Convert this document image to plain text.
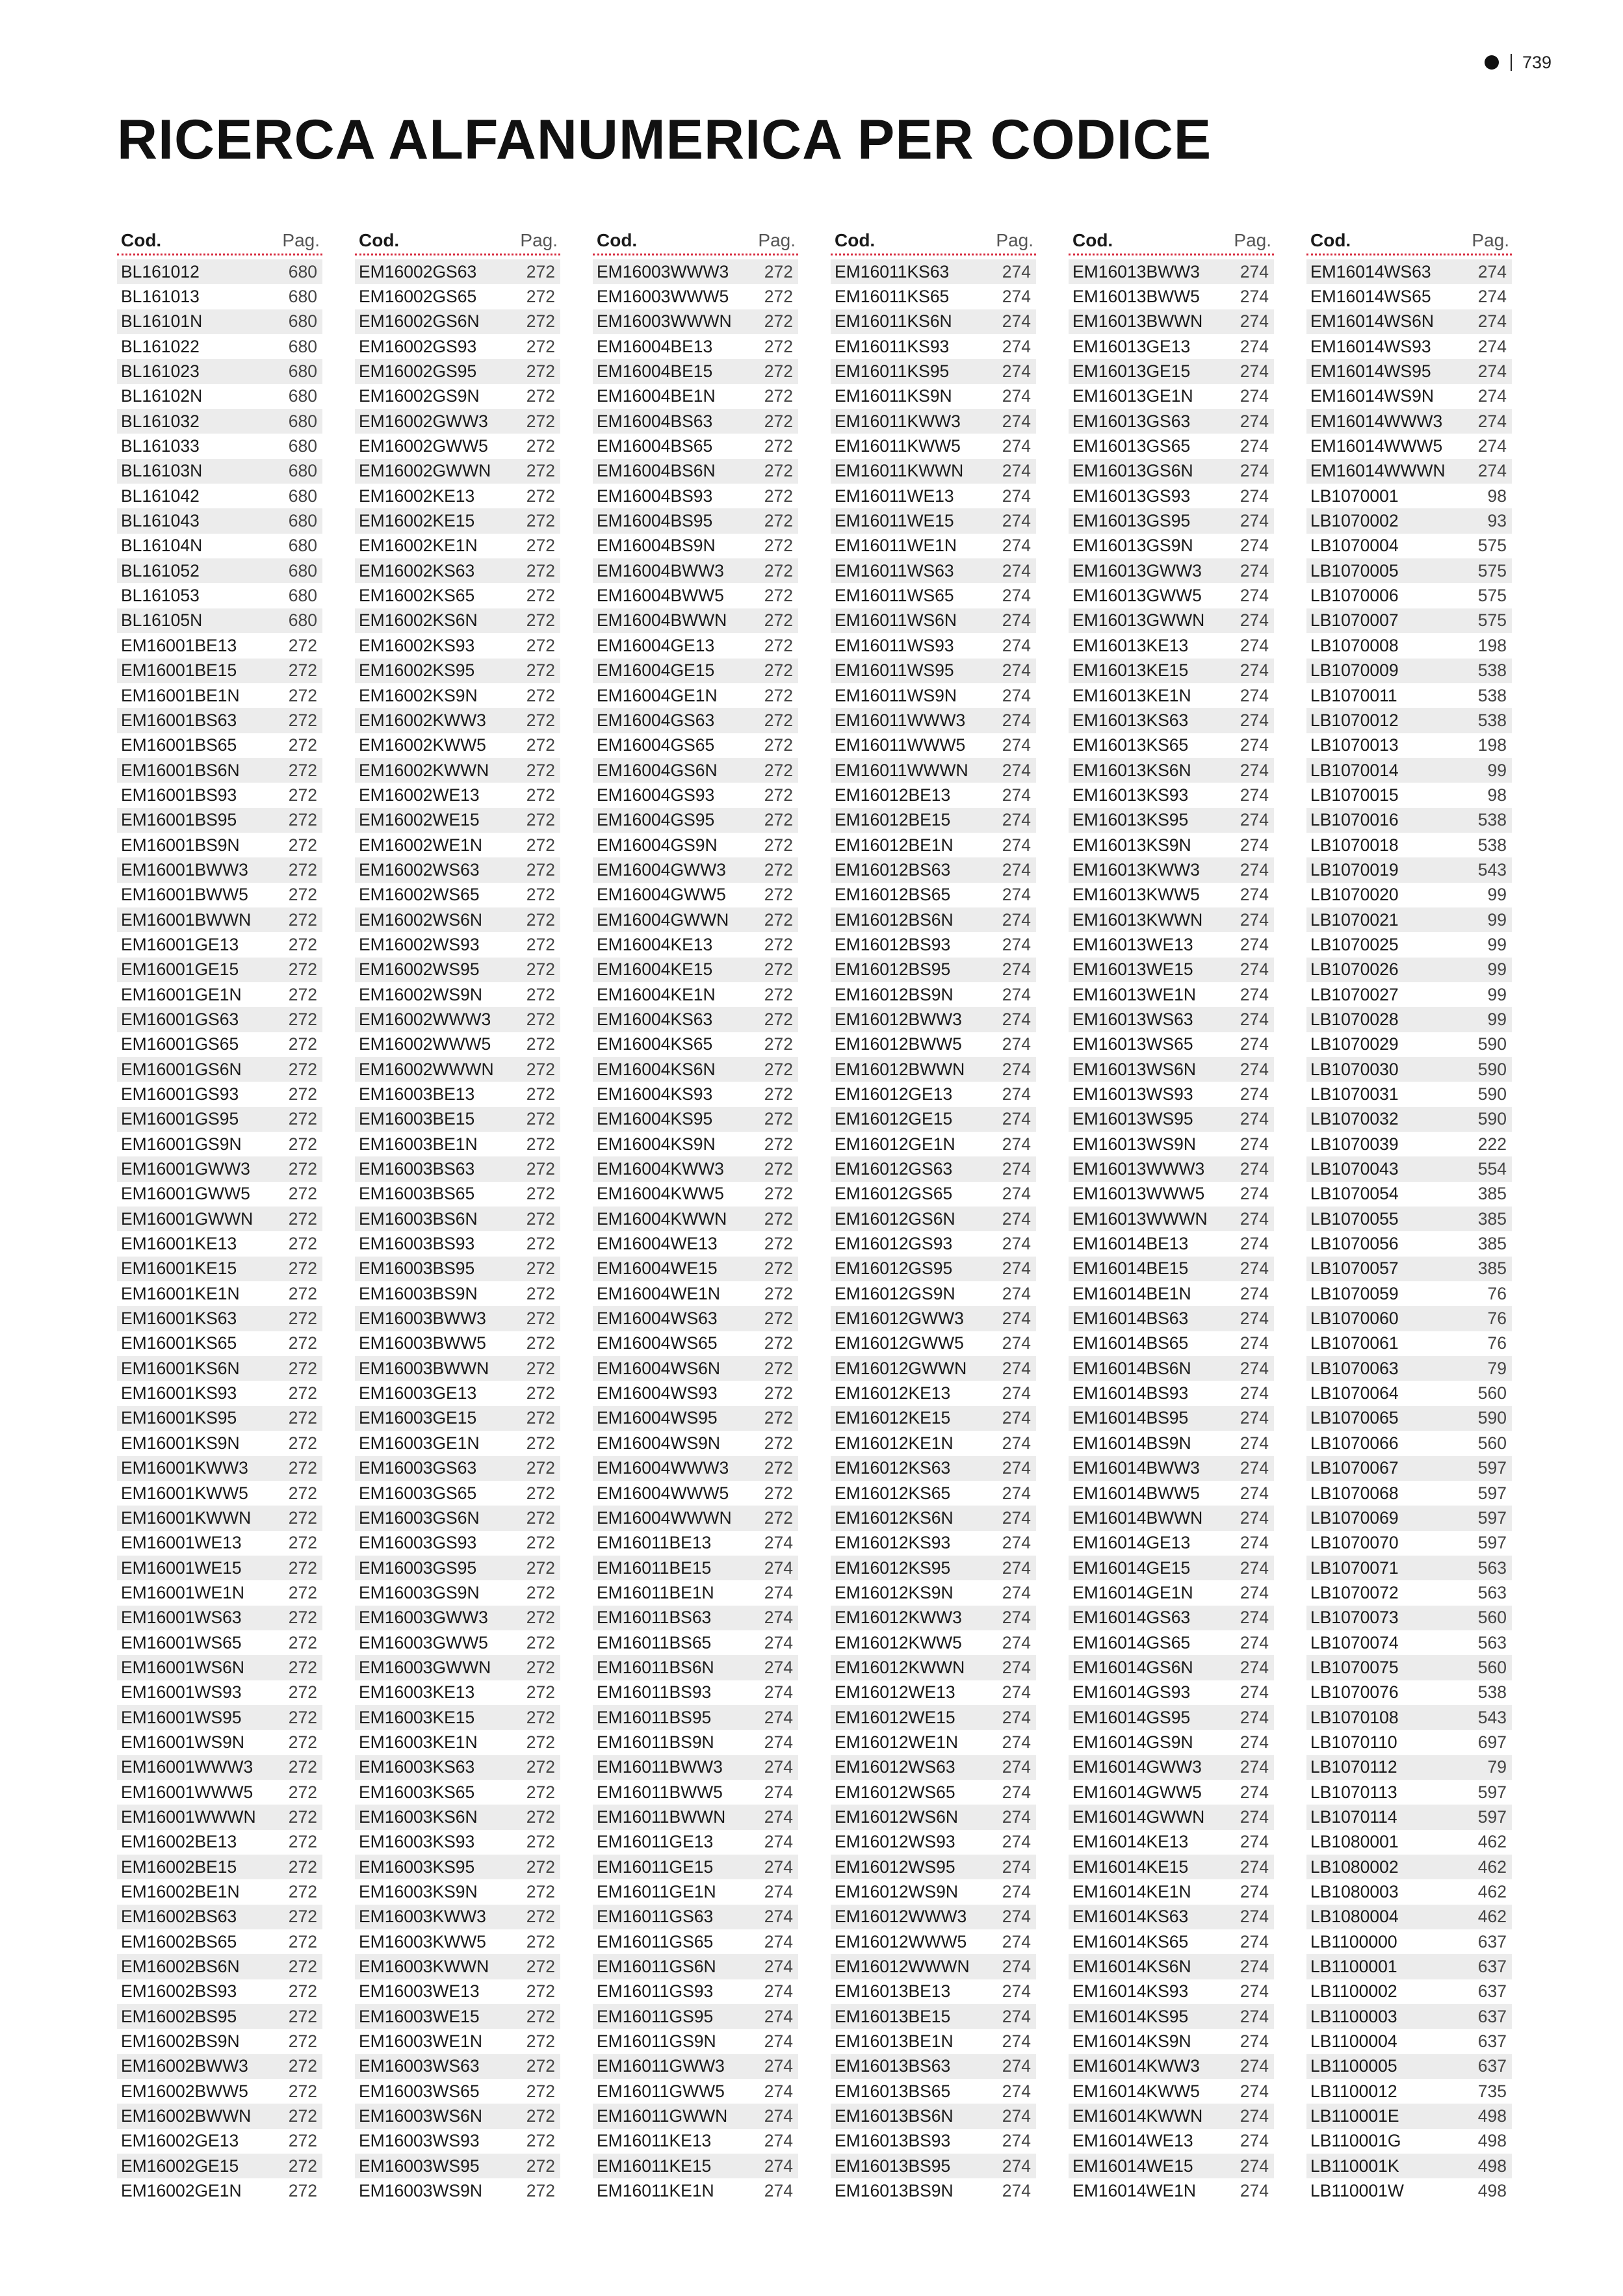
739
RICERCA ALFANUMERICA PER CODICE
Cod.	Pag.
BL161012	680
BL161013	680
BL16101N	680
BL161022	680
BL161023	680
BL16102N	680
BL161032	680
BL161033	680
BL16103N	680
BL161042	680
BL161043	680
BL16104N	680
BL161052	680
BL161053	680
BL16105N	680
EM16001BE13	272
EM16001BE15	272
EM16001BE1N	272
EM16001BS63	272
EM16001BS65	272
EM16001BS6N	272
EM16001BS93	272
EM16001BS95	272
EM16001BS9N	272
EM16001BWW3 272
EM16001BWW5 272
EM16001BWWN 272
EM16001GE13	272
EM16001GE15	272
EM16001GE1N	272
EM16001GS63	272
EM16001GS65	272
EM16001GS6N	272
EM16001GS93	272
EM16001GS95	272
EM16001GS9N	272
EM16001GWW3 272
EM16001GWW5 272
EM16001GWWN 272
EM16001KE13	272
EM16001KE15	272
EM16001KE1N	272
EM16001KS63	272
EM16001KS65	272
EM16001KS6N	272
EM16001KS93	272
EM16001KS95	272
EM16001KS9N	272
EM16001KWW3 272
EM16001KWW5 272
EM16001KWWN 272
EM16001WE13	272
EM16001WE15	272
EM16001WE1N	272
EM16001WS63	272
EM16001WS65	272
EM16001WS6N	272
EM16001WS93	272
EM16001WS95	272
EM16001WS9N	272
EM16001WWW3 272
EM16001WWW5 272
EM16001WWWN 272
EM16002BE13	272
EM16002BE15	272
EM16002BE1N	272
EM16002BS63	272
EM16002BS65	272
EM16002BS6N	272
EM16002BS93	272
EM16002BS95	272
EM16002BS9N	272
EM16002BWW3 272
EM16002BWW5 272
EM16002BWWN 272
EM16002GE13	272
EM16002GE15	272
EM16002GE1N	272
Cod.	Pag.
EM16002GS63	272
EM16002GS65	272
EM16002GS6N	272
EM16002GS93	272
EM16002GS95	272
EM16002GS9N	272
EM16002GWW3 272
EM16002GWW5 272
EM16002GWWN 272
EM16002KE13	272
EM16002KE15	272
EM16002KE1N	272
EM16002KS63	272
EM16002KS65	272
EM16002KS6N	272
EM16002KS93	272
EM16002KS95	272
EM16002KS9N	272
EM16002KWW3 272
EM16002KWW5 272
EM16002KWWN 272
EM16002WE13	272
EM16002WE15	272
EM16002WE1N	272
EM16002WS63	272
EM16002WS65	272
EM16002WS6N	272
EM16002WS93	272
EM16002WS95	272
EM16002WS9N	272
EM16002WWW3 272
EM16002WWW5 272
EM16002WWWN 272
EM16003BE13	272
EM16003BE15	272
EM16003BE1N	272
EM16003BS63	272
EM16003BS65	272
EM16003BS6N	272
EM16003BS93	272
EM16003BS95	272
EM16003BS9N	272
EM16003BWW3 272
EM16003BWW5 272
EM16003BWWN 272
EM16003GE13	272
EM16003GE15	272
EM16003GE1N	272
EM16003GS63	272
EM16003GS65	272
EM16003GS6N	272
EM16003GS93	272
EM16003GS95	272
EM16003GS9N	272
EM16003GWW3 272
EM16003GWW5 272
EM16003GWWN 272
EM16003KE13	272
EM16003KE15	272
EM16003KE1N	272
EM16003KS63	272
EM16003KS65	272
EM16003KS6N	272
EM16003KS93	272
EM16003KS95	272
EM16003KS9N	272
EM16003KWW3 272
EM16003KWW5 272
EM16003KWWN 272
EM16003WE13	272
EM16003WE15	272
EM16003WE1N	272
EM16003WS63	272
EM16003WS65	272
EM16003WS6N	272
EM16003WS93	272
EM16003WS95	272
EM16003WS9N	272
Cod.	Pag.
EM16003WWW3 272
EM16003WWW5 272
EM16003WWWN 272
EM16004BE13	272
EM16004BE15	272
EM16004BE1N	272
EM16004BS63	272
EM16004BS65	272
EM16004BS6N	272
EM16004BS93	272
EM16004BS95	272
EM16004BS9N	272
EM16004BWW3 272
EM16004BWW5 272
EM16004BWWN 272
EM16004GE13	272
EM16004GE15	272
EM16004GE1N	272
EM16004GS63	272
EM16004GS65	272
EM16004GS6N	272
EM16004GS93	272
EM16004GS95	272
EM16004GS9N	272
EM16004GWW3 272
EM16004GWW5 272
EM16004GWWN 272
EM16004KE13	272
EM16004KE15	272
EM16004KE1N	272
EM16004KS63	272
EM16004KS65	272
EM16004KS6N	272
EM16004KS93	272
EM16004KS95	272
EM16004KS9N	272
EM16004KWW3 272
EM16004KWW5 272
EM16004KWWN 272
EM16004WE13	272
EM16004WE15	272
EM16004WE1N	272
EM16004WS63	272
EM16004WS65	272
EM16004WS6N	272
EM16004WS93	272
EM16004WS95	272
EM16004WS9N	272
EM16004WWW3 272
EM16004WWW5 272
EM16004WWWN 272
EM16011BE13	274
EM16011BE15	274
EM16011BE1N	274
EM16011BS63	274
EM16011BS65	274
EM16011BS6N	274
EM16011BS93	274
EM16011BS95	274
EM16011BS9N	274
EM16011BWW3 274
EM16011BWW5 274
EM16011BWWN 274
EM16011GE13	274
EM16011GE15	274
EM16011GE1N	274
EM16011GS63	274
EM16011GS65	274
EM16011GS6N	274
EM16011GS93	274
EM16011GS95	274
EM16011GS9N	274
EM16011GWW3 274
EM16011GWW5 274
EM16011GWWN 274
EM16011KE13	274
EM16011KE15	274
EM16011KE1N	274
Cod.	Pag.
EM16011KS63	274
EM16011KS65	274
EM16011KS6N	274
EM16011KS93	274
EM16011KS95	274
EM16011KS9N	274
EM16011KWW3 274
EM16011KWW5 274
EM16011KWWN 274
EM16011WE13	274
EM16011WE15	274
EM16011WE1N	274
EM16011WS63	274
EM16011WS65	274
EM16011WS6N	274
EM16011WS93	274
EM16011WS95	274
EM16011WS9N	274
EM16011WWW3 274
EM16011WWW5 274
EM16011WWWN 274
EM16012BE13	274
EM16012BE15	274
EM16012BE1N	274
EM16012BS63	274
EM16012BS65	274
EM16012BS6N	274
EM16012BS93	274
EM16012BS95	274
EM16012BS9N	274
EM16012BWW3 274
EM16012BWW5 274
EM16012BWWN 274
EM16012GE13	274
EM16012GE15	274
EM16012GE1N	274
EM16012GS63	274
EM16012GS65	274
EM16012GS6N	274
EM16012GS93	274
EM16012GS95	274
EM16012GS9N	274
EM16012GWW3 274
EM16012GWW5 274
EM16012GWWN 274
EM16012KE13	274
EM16012KE15	274
EM16012KE1N	274
EM16012KS63	274
EM16012KS65	274
EM16012KS6N	274
EM16012KS93	274
EM16012KS95	274
EM16012KS9N	274
EM16012KWW3 274
EM16012KWW5 274
EM16012KWWN 274
EM16012WE13	274
EM16012WE15	274
EM16012WE1N	274
EM16012WS63	274
EM16012WS65	274
EM16012WS6N	274
EM16012WS93	274
EM16012WS95	274
EM16012WS9N	274
EM16012WWW3 274
EM16012WWW5 274
EM16012WWWN 274
EM16013BE13	274
EM16013BE15	274
EM16013BE1N	274
EM16013BS63	274
EM16013BS65	274
EM16013BS6N	274
EM16013BS93	274
EM16013BS95	274
EM16013BS9N	274
Cod.	Pag.
EM16013BWW3 274
EM16013BWW5 274
EM16013BWWN 274
EM16013GE13	274
EM16013GE15	274
EM16013GE1N	274
EM16013GS63	274
EM16013GS65	274
EM16013GS6N	274
EM16013GS93	274
EM16013GS95	274
EM16013GS9N	274
EM16013GWW3 274
EM16013GWW5 274
EM16013GWWN 274
EM16013KE13	274
EM16013KE15	274
EM16013KE1N	274
EM16013KS63	274
EM16013KS65	274
EM16013KS6N	274
EM16013KS93	274
EM16013KS95	274
EM16013KS9N	274
EM16013KWW3 274
EM16013KWW5 274
EM16013KWWN 274
EM16013WE13	274
EM16013WE15	274
EM16013WE1N	274
EM16013WS63	274
EM16013WS65	274
EM16013WS6N	274
EM16013WS93	274
EM16013WS95	274
EM16013WS9N	274
EM16013WWW3 274
EM16013WWW5 274
EM16013WWWN 274
EM16014BE13	274
EM16014BE15	274
EM16014BE1N	274
EM16014BS63	274
EM16014BS65	274
EM16014BS6N	274
EM16014BS93	274
EM16014BS95	274
EM16014BS9N	274
EM16014BWW3 274
EM16014BWW5 274
EM16014BWWN 274
EM16014GE13	274
EM16014GE15	274
EM16014GE1N	274
EM16014GS63	274
EM16014GS65	274
EM16014GS6N	274
EM16014GS93	274
EM16014GS95	274
EM16014GS9N	274
EM16014GWW3 274
EM16014GWW5 274
EM16014GWWN 274
EM16014KE13	274
EM16014KE15	274
EM16014KE1N	274
EM16014KS63	274
EM16014KS65	274
EM16014KS6N	274
EM16014KS93	274
EM16014KS95	274
EM16014KS9N	274
EM16014KWW3 274
EM16014KWW5 274
EM16014KWWN 274
EM16014WE13	274
EM16014WE15	274
EM16014WE1N	274
Cod.	Pag.
EM16014WS63	274
EM16014WS65	274
EM16014WS6N	274
EM16014WS93	274
EM16014WS95	274
EM16014WS9N	274
EM16014WWW3 274
EM16014WWW5 274
EM16014WWWN 274
LB1070001	98
LB1070002	93
LB1070004	575
LB1070005	575
LB1070006	575
LB1070007	575
LB1070008	198
LB1070009	538
LB1070011	538
LB1070012	538
LB1070013	198
LB1070014	99
LB1070015	98
LB1070016	538
LB1070018	538
LB1070019	543
LB1070020	99
LB1070021	99
LB1070025	99
LB1070026	99
LB1070027	99
LB1070028	99
LB1070029	590
LB1070030	590
LB1070031	590
LB1070032	590
LB1070039	222
LB1070043	554
LB1070054	385
LB1070055	385
LB1070056	385
LB1070057	385
LB1070059	76
LB1070060	76
LB1070061	76
LB1070063	79
LB1070064	560
LB1070065	590
LB1070066	560
LB1070067	597
LB1070068	597
LB1070069	597
LB1070070	597
LB1070071	563
LB1070072	563
LB1070073	560
LB1070074	563
LB1070075	560
LB1070076	538
LB1070108	543
LB1070110	697
LB1070112	79
LB1070113	597
LB1070114	597
LB1080001	462
LB1080002	462
LB1080003	462
LB1080004	462
LB1100000	637
LB1100001	637
LB1100002	637
LB1100003	637
LB1100004	637
LB1100005	637
LB1100012	735
LB110001E	498
LB110001G	498
LB110001K	498
LB110001W	498
